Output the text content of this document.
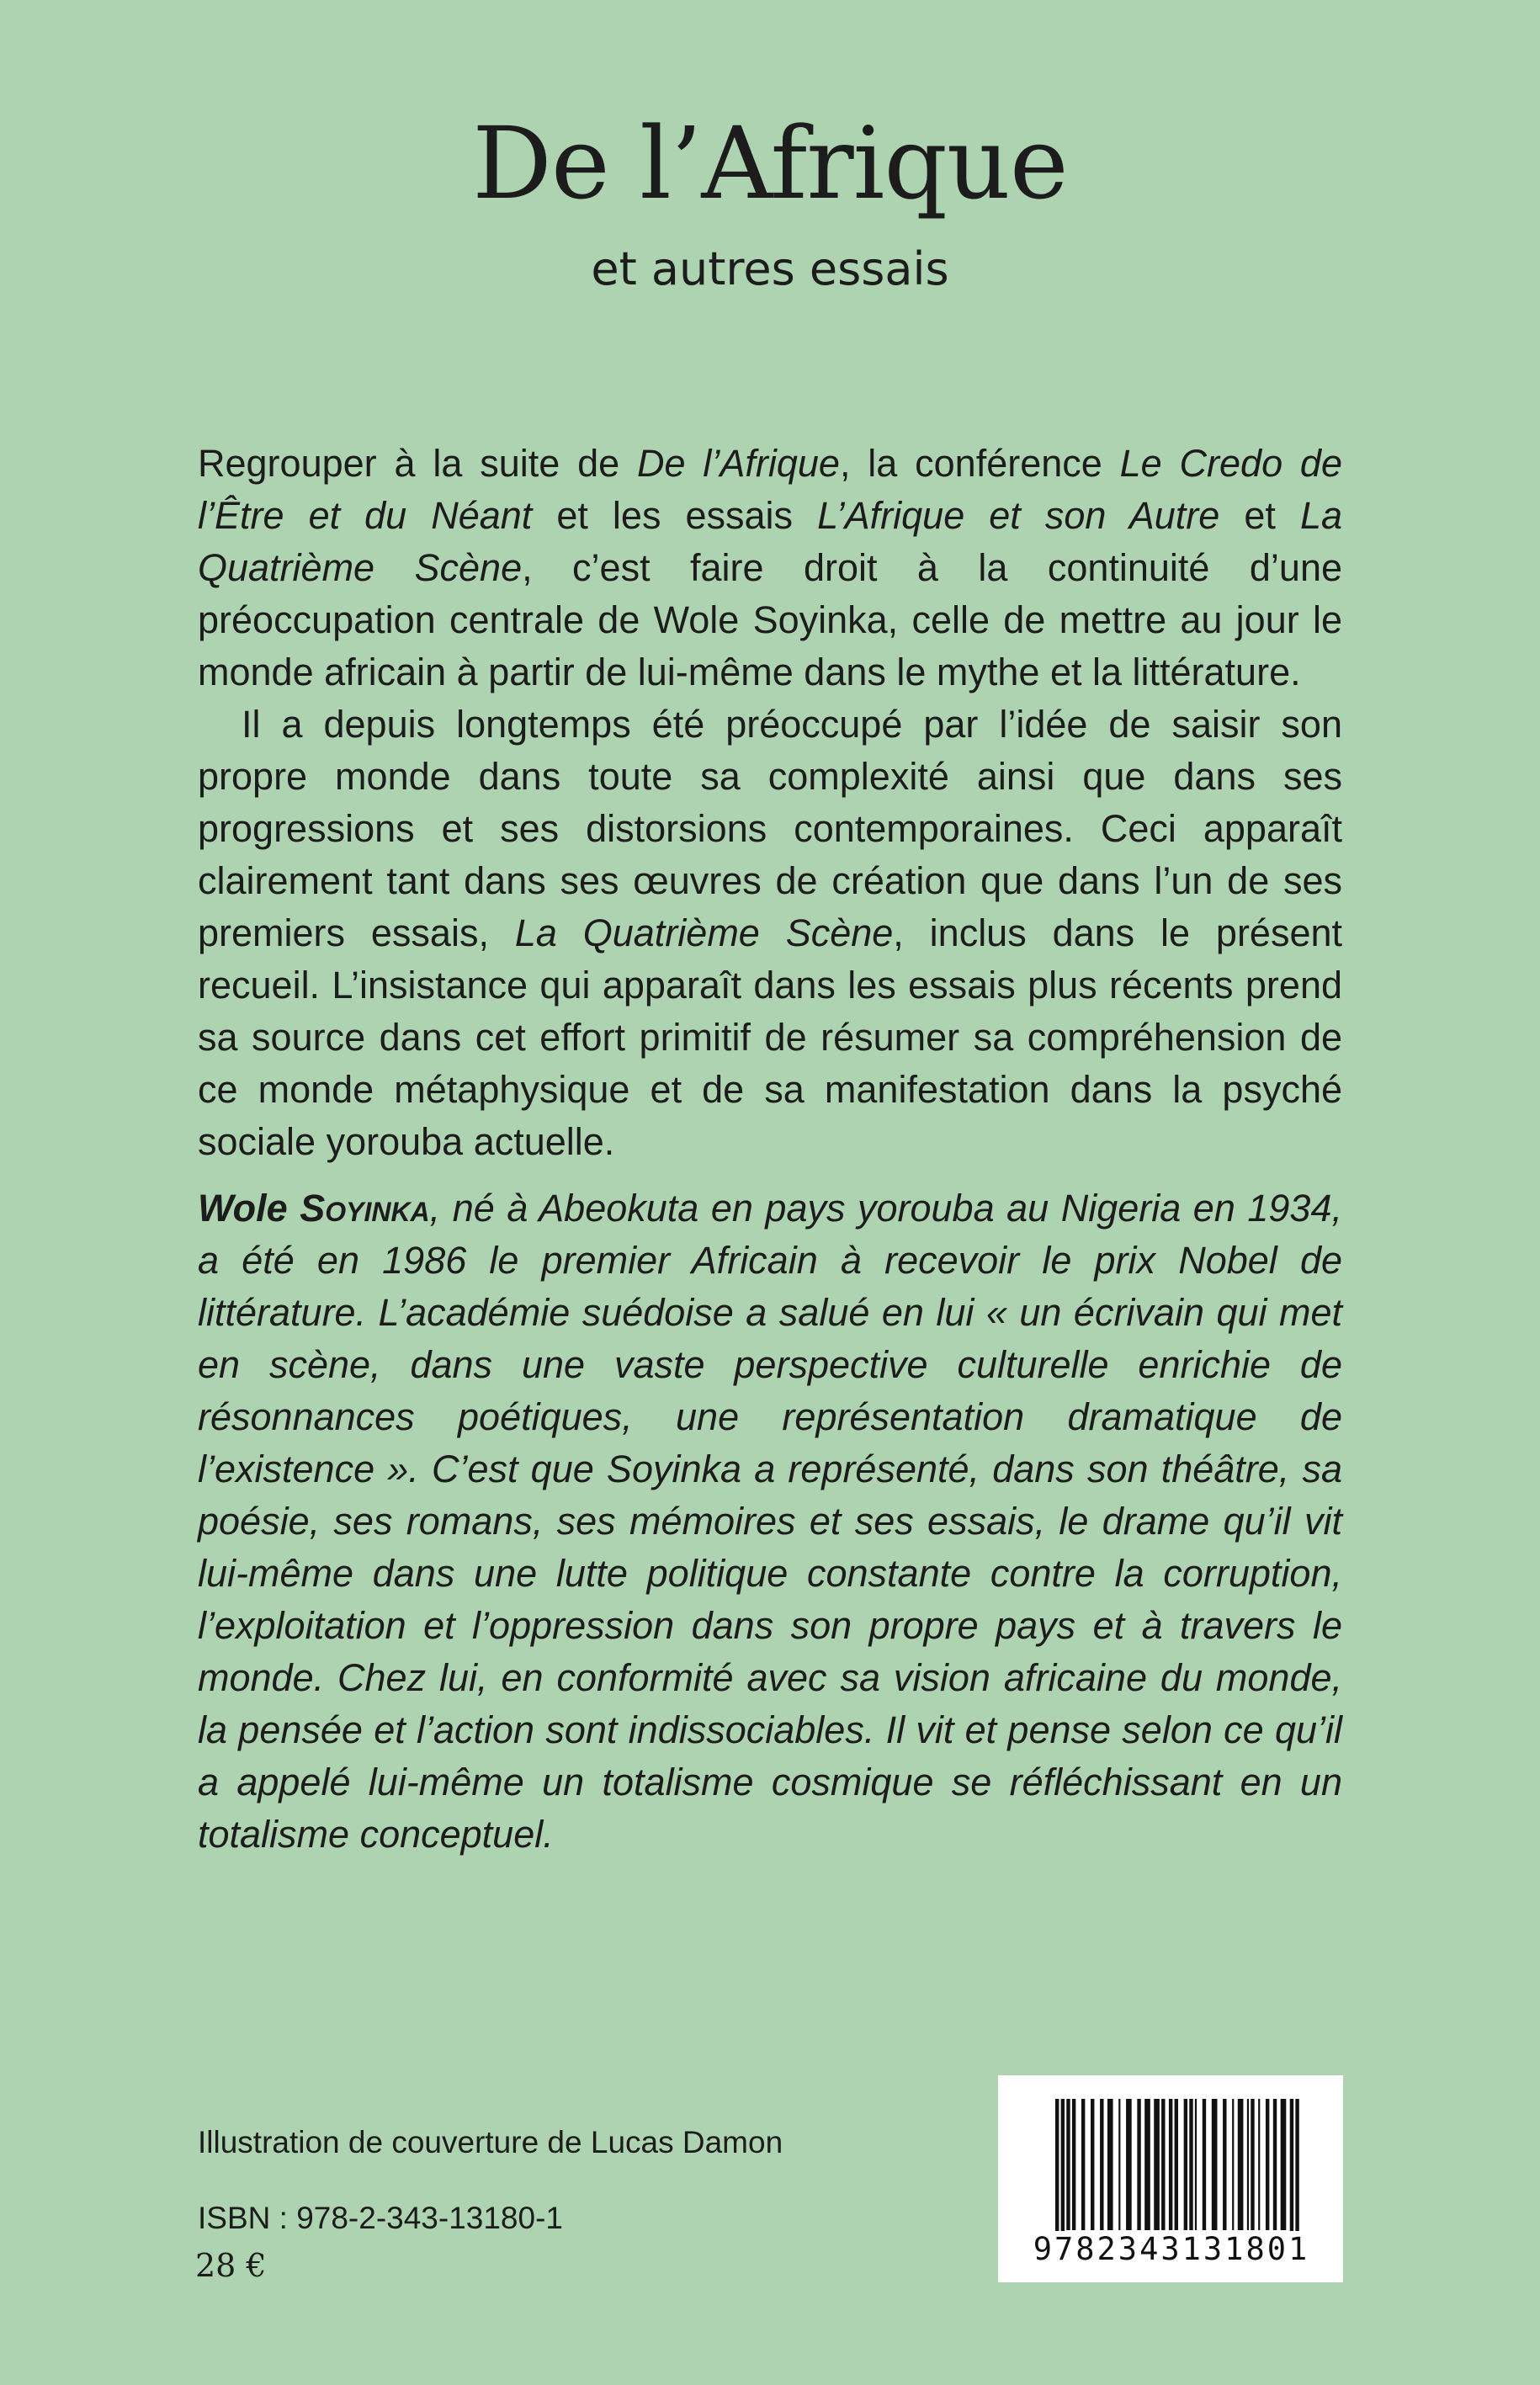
De l’Afrique
et autres essais

Regrouper à la suite de De l’Afrique, la conférence Le Credo de l’Être et du Néant et les essais L’Afrique et son Autre et La Quatrième Scène, c’est faire droit à la continuité d’une préoccupation centrale de Wole Soyinka, celle de mettre au jour le monde africain à partir de lui-même dans le mythe et la littérature.

Il a depuis longtemps été préoccupé par l’idée de saisir son propre monde dans toute sa complexité ainsi que dans ses progressions et ses distorsions contemporaines. Ceci apparaît clairement tant dans ses œuvres de création que dans l’un de ses premiers essais, La Quatrième Scène, inclus dans le présent recueil. L’insistance qui apparaît dans les essais plus récents prend sa source dans cet effort primitif de résumer sa compréhension de ce monde métaphysique et de sa manifestation dans la psyché sociale yorouba actuelle.

Wole Soyinka, né à Abeokuta en pays yorouba au Nigeria en 1934, a été en 1986 le premier Africain à recevoir le prix Nobel de littérature. L’académie suédoise a salué en lui « un écrivain qui met en scène, dans une vaste perspective culturelle enrichie de résonnances poétiques, une représentation dramatique de l’existence ». C’est que Soyinka a représenté, dans son théâtre, sa poésie, ses romans, ses mémoires et ses essais, le drame qu’il vit lui-même dans une lutte politique constante contre la corruption, l’exploitation et l’oppression dans son propre pays et à travers le monde. Chez lui, en conformité avec sa vision africaine du monde, la pensée et l’action sont indissociables. Il vit et pense selon ce qu’il a appelé lui-même un totalisme cosmique se réfléchissant en un totalisme conceptuel.

Illustration de couverture de Lucas Damon
ISBN : 978-2-343-13180-1
28 €	9782343131801
